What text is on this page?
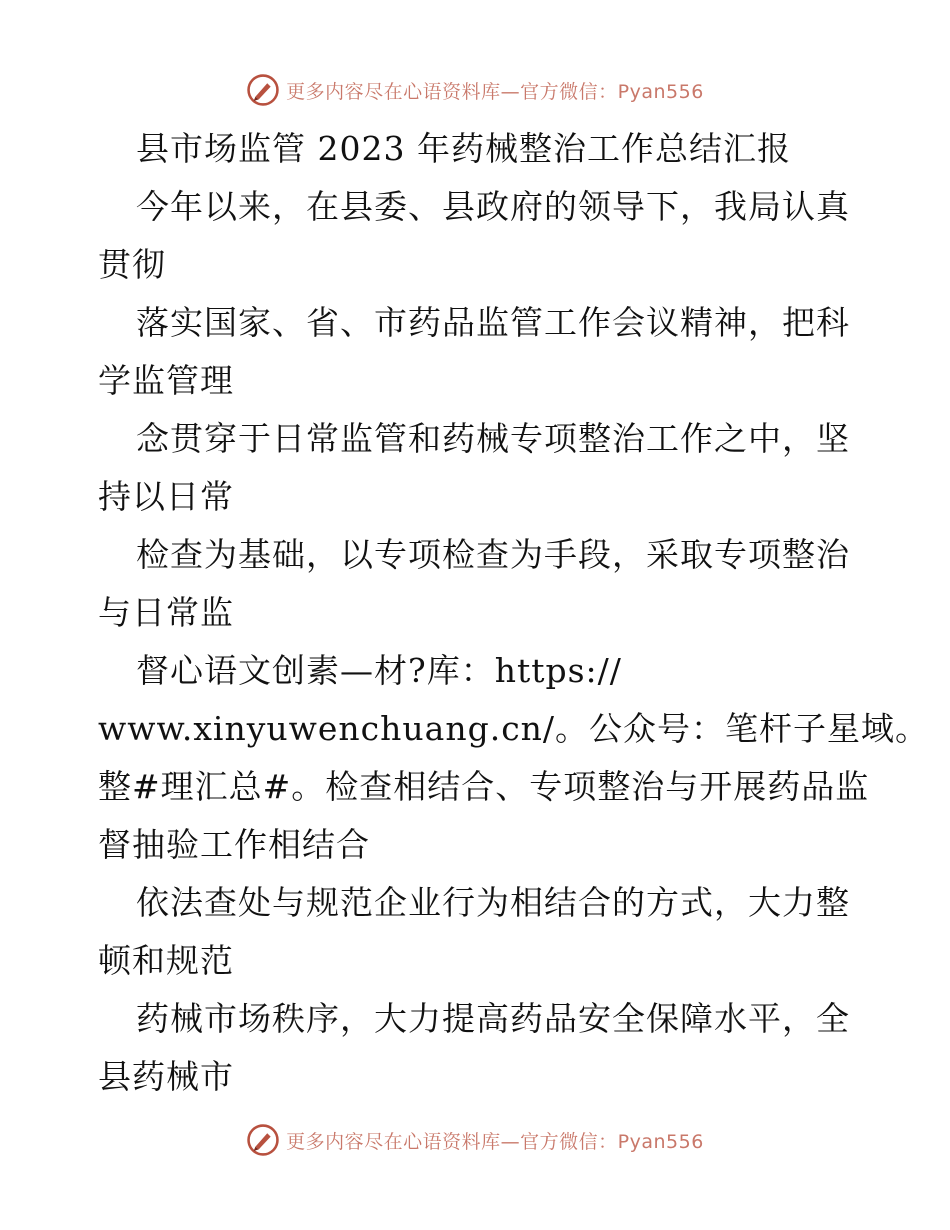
更多内容尽在心语资料库—官方微信：Pyan556
县市场监管 2023 年药械整治工作总结汇报
今年以来，在县委、县政府的领导下，我局认真
贯彻
落实国家、省、市药品监管工作会议精神，把科
学监管理
念贯穿于日常监管和药械专项整治工作之中，坚
持以日常
检查为基础，以专项检查为手段，采取专项整治
与日常监
督心语文创素—材?库：https://
www.xinyuwenchuang.cn/。公众号：笔杆子星域。
整#理汇总#。检查相结合、专项整治与开展药品监
督抽验工作相结合
依法查处与规范企业行为相结合的方式，大力整
顿和规范
药械市场秩序，大力提高药品安全保障水平，全
县药械市
更多内容尽在心语资料库—官方微信：Pyan556
